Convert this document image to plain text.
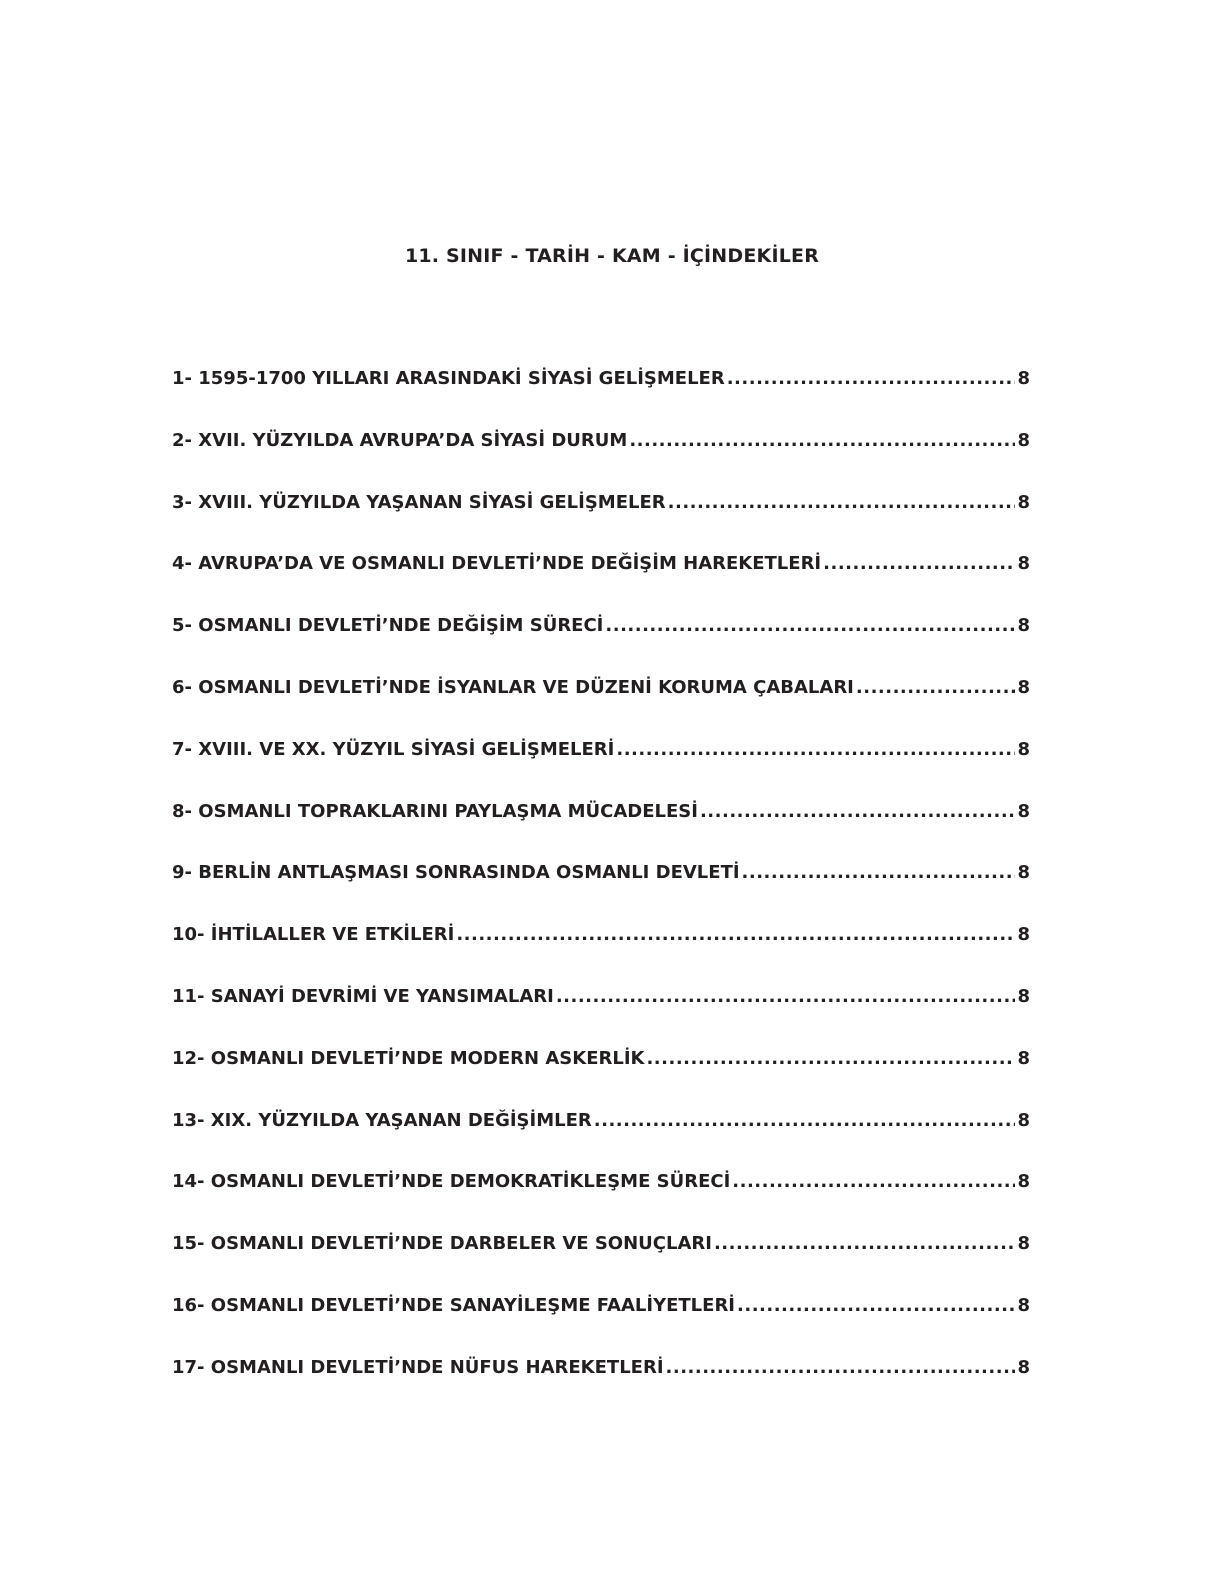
11. SINIF - TARİH - KAM - İÇİNDEKİLER
1- 1595-1700 YILLARI ARASINDAKİ SİYASİ GELİŞMELER .....	8
2- XVII. YÜZYILDA AVRUPA’DA SİYASİ DURUM .....	8
3- XVIII. YÜZYILDA YAŞANAN SİYASİ GELİŞMELER .....	8
4- AVRUPA’DA VE OSMANLI DEVLETİ’NDE DEĞİŞİM HAREKETLERİ .....	8
5- OSMANLI DEVLETİ’NDE DEĞİŞİM SÜRECİ .....	8
6- OSMANLI DEVLETİ’NDE İSYANLAR VE DÜZENİ KORUMA ÇABALARI .....	8
7- XVIII. VE XX. YÜZYIL SİYASİ GELİŞMELERİ .....	8
8- OSMANLI TOPRAKLARINI PAYLAŞMA MÜCADELESİ .....	8
9- BERLİN ANTLAŞMASI SONRASINDA OSMANLI DEVLETİ .....	8
10- İHTİLALLER VE ETKİLERİ .....	8
11- SANAYİ DEVRİMİ VE YANSIMALARI .....	8
12- OSMANLI DEVLETİ’NDE MODERN ASKERLİK .....	8
13- XIX. YÜZYILDA YAŞANAN DEĞİŞİMLER .....	8
14- OSMANLI DEVLETİ’NDE DEMOKRATİKLEŞME SÜRECİ .....	8
15- OSMANLI DEVLETİ’NDE DARBELER VE SONUÇLARI .....	8
16- OSMANLI DEVLETİ’NDE SANAYİLEŞME FAALİYETLERİ .....	8
17- OSMANLI DEVLETİ’NDE NÜFUS HAREKETLERİ .....	8
